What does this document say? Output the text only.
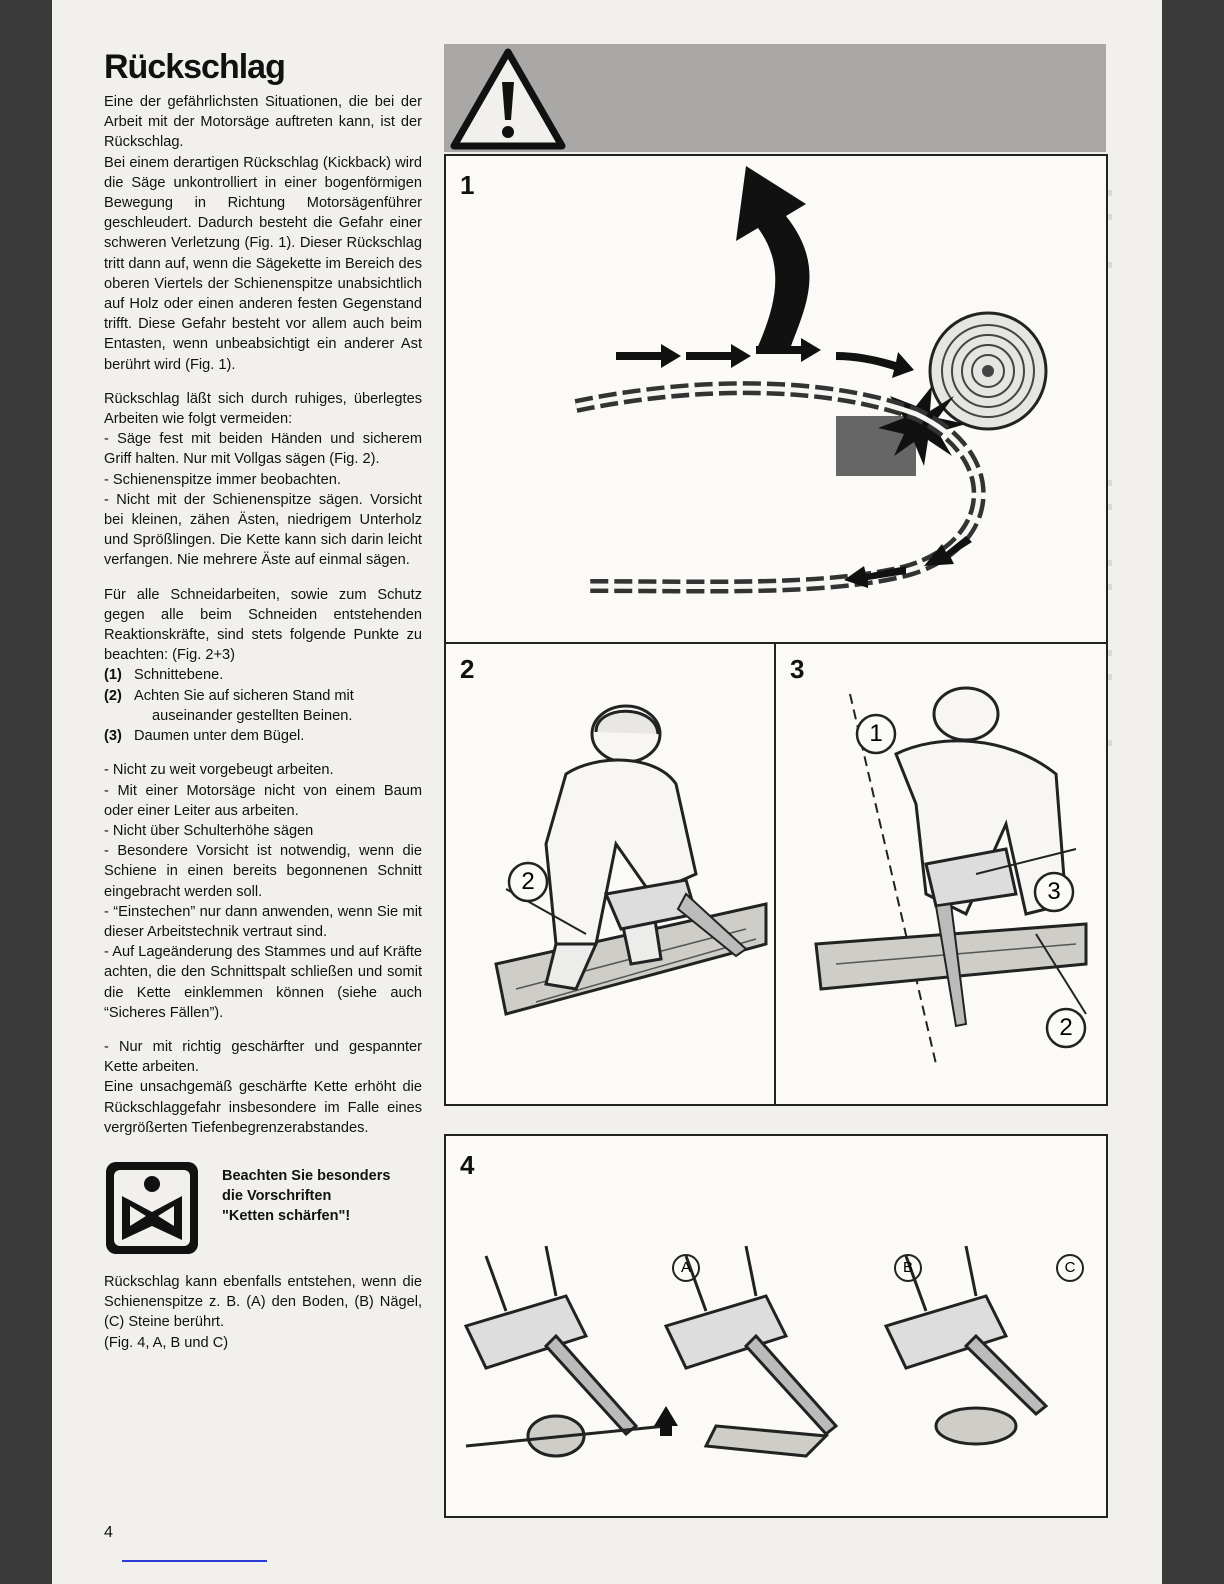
Rückschlag

Eine der gefährlichsten Situationen, die bei der Arbeit mit der Motorsäge auftreten kann, ist der Rückschlag.

Bei einem derartigen Rückschlag (Kickback) wird die Säge unkontrolliert in einer bogenförmigen Bewegung in Richtung Motorsägenführer geschleudert. Dadurch besteht die Gefahr einer schweren Verletzung (Fig. 1). Dieser Rückschlag tritt dann auf, wenn die Sägekette im Bereich des oberen Viertels der Schienenspitze unabsichtlich auf Holz oder einen anderen festen Gegenstand trifft. Diese Gefahr besteht vor allem auch beim Entasten, wenn unbeabsichtigt ein anderer Ast berührt wird (Fig. 1).

Rückschlag läßt sich durch ruhiges, überlegtes Arbeiten wie folgt vermeiden:

- Säge fest mit beiden Händen und sicherem Griff halten. Nur mit Vollgas sägen (Fig. 2).

- Schienenspitze immer beobachten.

- Nicht mit der Schienenspitze sägen. Vorsicht bei kleinen, zähen Ästen, niedrigem Unterholz und Sprößlingen. Die Kette kann sich darin leicht verfangen. Nie mehrere Äste auf einmal sägen.

Für alle Schneidarbeiten, sowie zum Schutz gegen alle beim Schneiden entstehenden Reaktionskräfte, sind stets folgende Punkte zu beachten: (Fig. 2+3)

(1) Schnittebene.
(2) Achten Sie auf sicheren Stand mit

auseinander gestellten Beinen.

(3) Daumen unter dem Bügel.

- Nicht zu weit vorgebeugt arbeiten.

- Mit einer Motorsäge nicht von einem Baum oder einer Leiter aus arbeiten.

- Nicht über Schulterhöhe sägen

- Besondere Vorsicht ist notwendig, wenn die Schiene in einen bereits begonnenen Schnitt eingebracht werden soll.

- “Einstechen” nur dann anwenden, wenn Sie mit dieser Arbeitstechnik vertraut sind.

- Auf Lageänderung des Stammes und auf Kräfte achten, die den Schnittspalt schließen und somit die Kette einklemmen können (siehe auch “Sicheres Fällen”).

- Nur mit richtig geschärfter und gespannter Kette arbeiten.

Eine unsachgemäß geschärfte Kette erhöht die Rückschlaggefahr insbesondere im Falle eines vergrößerten Tiefenbegrenzerabstandes.

Beachten Sie besonders
die Vorschriften
"Ketten schärfen"!

Rückschlag kann ebenfalls entstehen, wenn die Schienenspitze z. B. (A) den Boden, (B) Nägel, (C) Steine berührt.

(Fig. 4, A, B und C)

4
1
2
2
3
1
3
2
4
A	B	C
